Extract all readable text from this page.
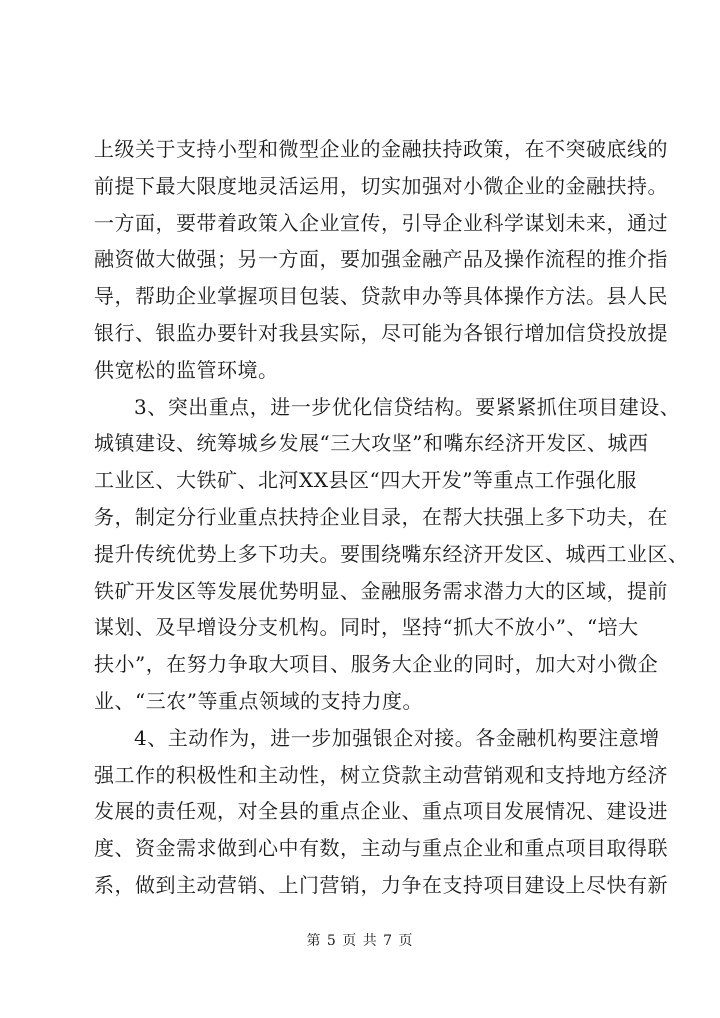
上级关于支持小型和微型企业的金融扶持政策，在不突破底线的
前提下最大限度地灵活运用，切实加强对小微企业的金融扶持。
一方面，要带着政策入企业宣传，引导企业科学谋划未来，通过
融资做大做强；另一方面，要加强金融产品及操作流程的推介指
导，帮助企业掌握项目包装、贷款申办等具体操作方法。县人民
银行、银监办要针对我县实际，尽可能为各银行增加信贷投放提
供宽松的监管环境。
3、突出重点，进一步优化信贷结构。要紧紧抓住项目建设、
城镇建设、统筹城乡发展“三大攻坚”和嘴东经济开发区、城西
工业区、大铁矿、北河XX县区“四大开发”等重点工作强化服
务，制定分行业重点扶持企业目录，在帮大扶强上多下功夫，在
提升传统优势上多下功夫。要围绕嘴东经济开发区、城西工业区、
铁矿开发区等发展优势明显、金融服务需求潜力大的区域，提前
谋划、及早增设分支机构。同时，坚持“抓大不放小”、“培大
扶小”，在努力争取大项目、服务大企业的同时，加大对小微企
业、“三农”等重点领域的支持力度。
4、主动作为，进一步加强银企对接。各金融机构要注意增
强工作的积极性和主动性，树立贷款主动营销观和支持地方经济
发展的责任观，对全县的重点企业、重点项目发展情况、建设进
度、资金需求做到心中有数，主动与重点企业和重点项目取得联
系，做到主动营销、上门营销，力争在支持项目建设上尽快有新
第 5 页 共 7 页
